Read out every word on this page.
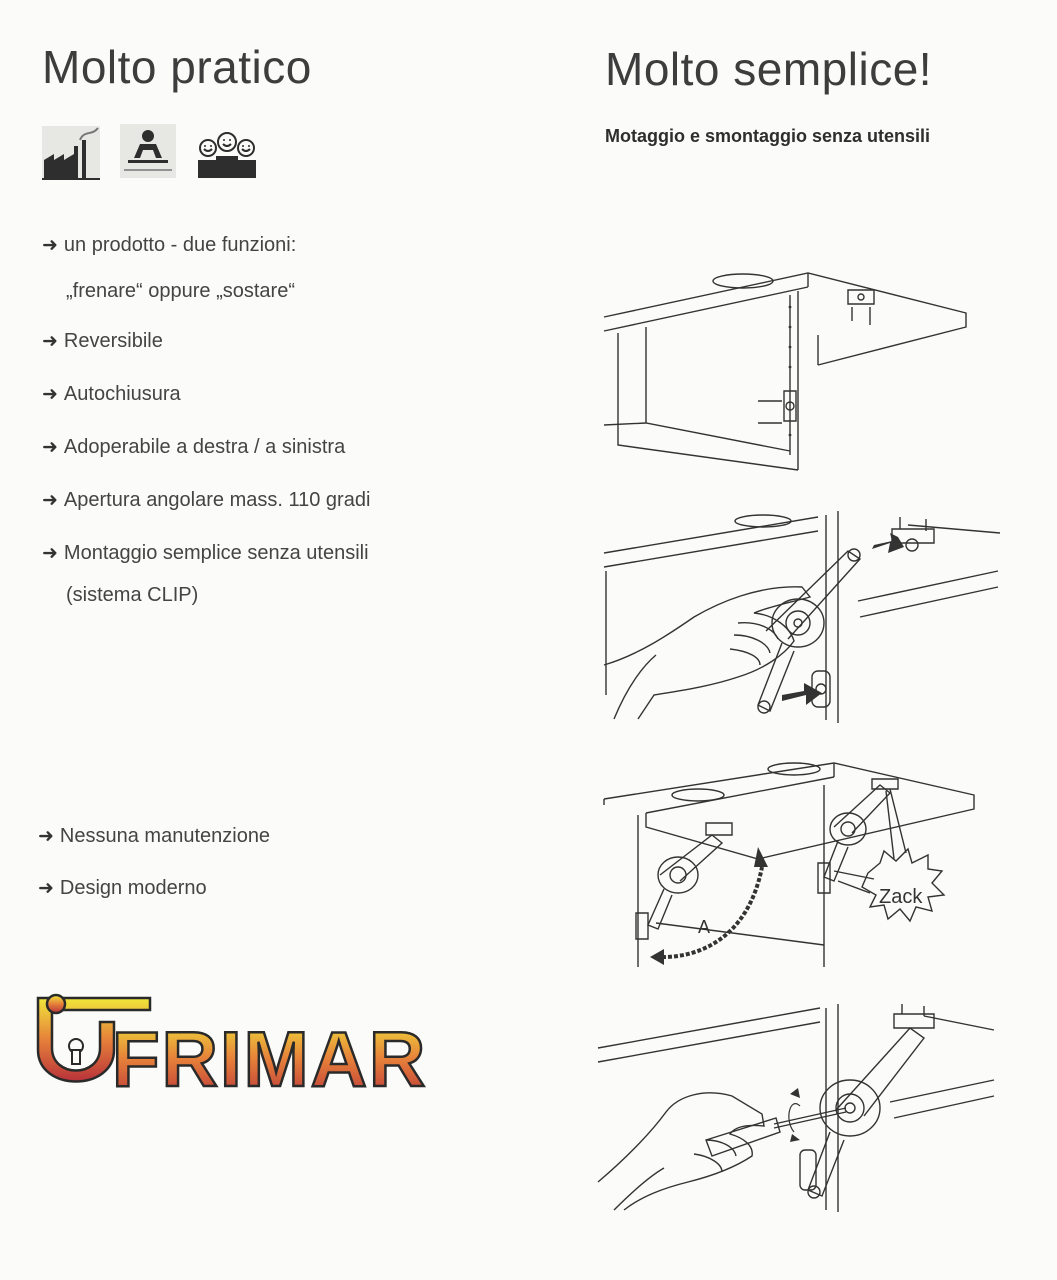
Molto pratico
➜ un prodotto - due funzioni:
„frenare“ oppure „sostare“
➜ Reversibile
➜ Autochiusura
➜ Adoperabile a destra / a sinistra
➜ Apertura angolare mass. 110 gradi
➜ Montaggio semplice senza utensili
(sistema CLIP)
➜ Nessuna manutenzione
➜ Design moderno
FRIMAR
Molto semplice!
Motaggio e smontaggio senza utensili
A
Zack
